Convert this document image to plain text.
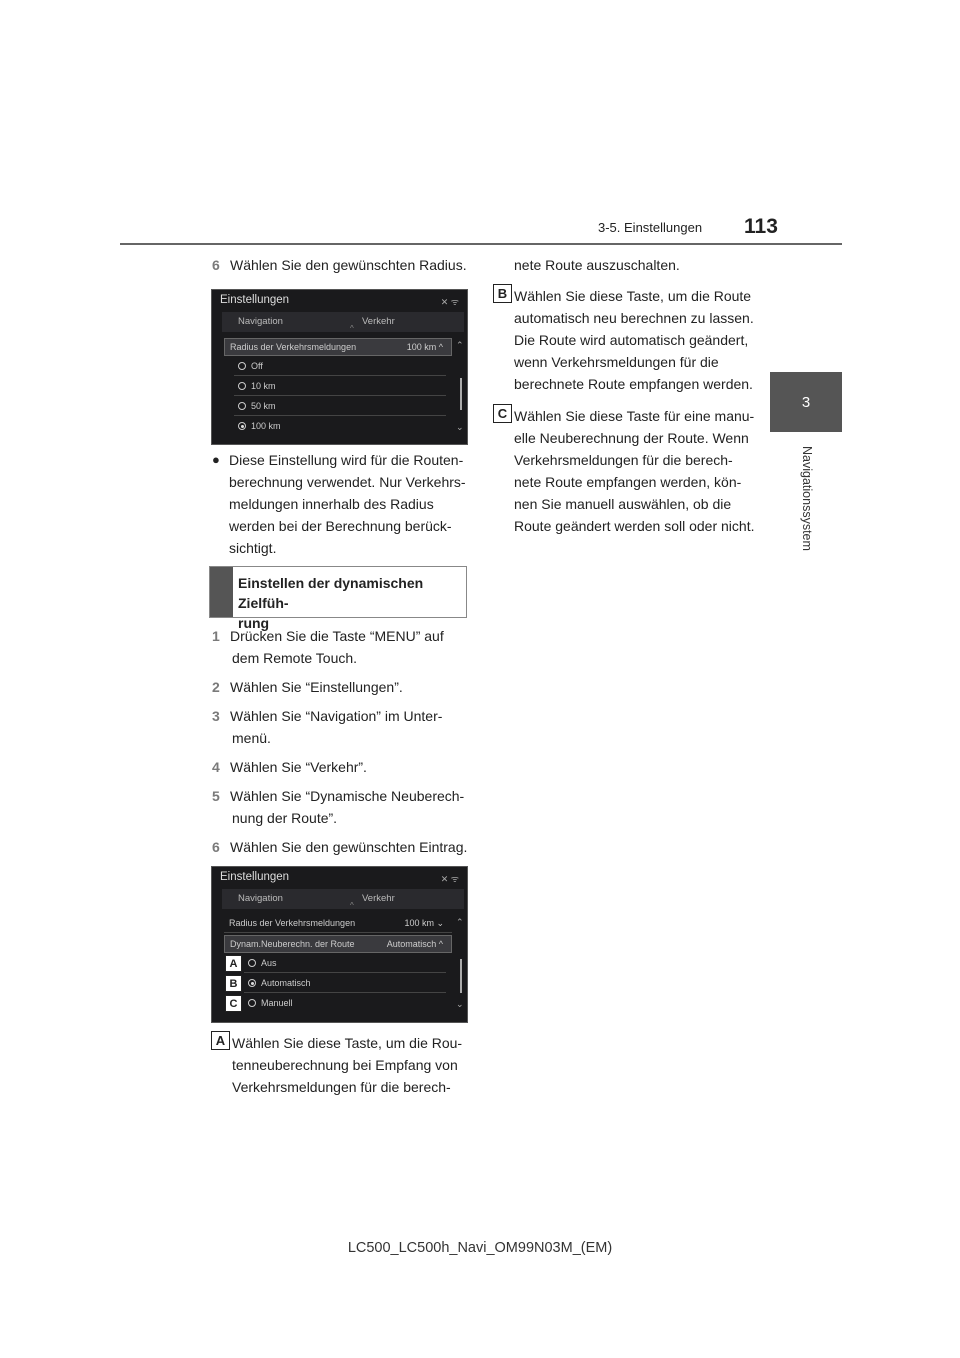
3-5. Einstellungen 113
3
Navigationssystem
6 Wählen Sie den gewünschten Radius.
Einstellungen	✕ ᯤ
Navigation	Verkehr
^
Radius der Verkehrsmeldungen	100 km ^
Off
10 km
50 km
100 km
⌃
⌄
● Diese Einstellung wird für die Routen-
berechnung verwendet. Nur Verkehrs-
meldungen innerhalb des Radius
werden bei der Berechnung berück-
sichtigt.
Einstellen der dynamischen Zielfüh-
rung
1 Drücken Sie die Taste “MENU” auf
dem Remote Touch.
2 Wählen Sie “Einstellungen”.
3 Wählen Sie “Navigation” im Unter-
menü.
4 Wählen Sie “Verkehr”.
5 Wählen Sie “Dynamische Neuberech-
nung der Route”.
6 Wählen Sie den gewünschten Eintrag.
Einstellungen	✕ ᯤ
Navigation	Verkehr
^
Radius der Verkehrsmeldungen	100 km ⌄
Dynam.Neuberechn. der Route	Automatisch ^
Aus
Automatisch
Manuell
A
B
C
⌃
⌄
A Wählen Sie diese Taste, um die Rou-
tenneuberechnung bei Empfang von
Verkehrsmeldungen für die berech-
nete Route auszuschalten.
B Wählen Sie diese Taste, um die Route
automatisch neu berechnen zu lassen.
Die Route wird automatisch geändert,
wenn Verkehrsmeldungen für die
berechnete Route empfangen werden.
C Wählen Sie diese Taste für eine manu-
elle Neuberechnung der Route. Wenn
Verkehrsmeldungen für die berech-
nete Route empfangen werden, kön-
nen Sie manuell auswählen, ob die
Route geändert werden soll oder nicht.
LC500_LC500h_Navi_OM99N03M_(EM)
